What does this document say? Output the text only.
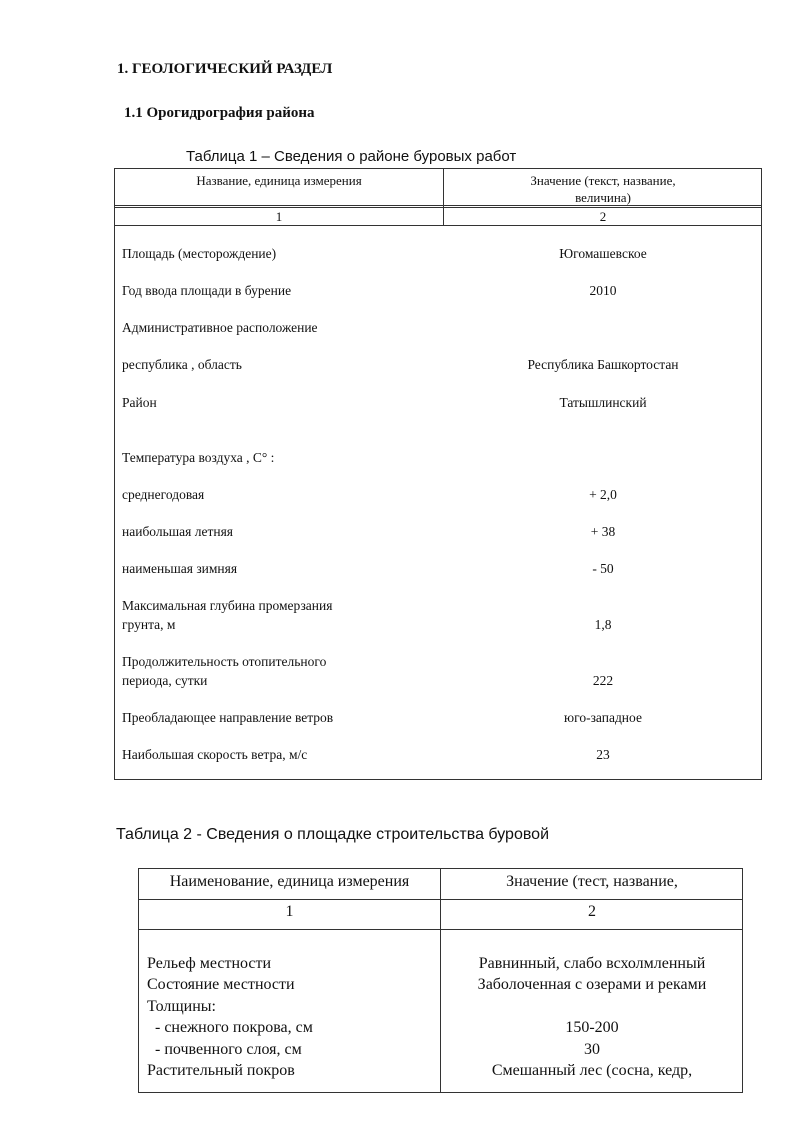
1. ГЕОЛОГИЧЕСКИЙ РАЗДЕЛ
1.1 Орогидрография района
Таблица 1 – Сведения о районе буровых работ
Название, единица измерения	Значение (текст, название,
величина)
1	2
Площадь (месторождение)	Югомашевское
Год ввода площади в бурение	2010
Административное расположение
республика , область	Республика Башкортостан
Район	Татышлинский
Температура воздуха , С° :
среднегодовая	+ 2,0
наибольшая летняя	+ 38
наименьшая зимняя	- 50
Максимальная глубина промерзания
грунта, м	1,8
Продолжительность отопительного
периода, сутки	222
Преобладающее направление ветров	юго-западное
Наибольшая скорость ветра, м/с	23
Таблица 2 - Сведения о площадке строительства буровой
Наименование, единица измерения	Значение (тест, название,
1	2
Рельеф местности	Равнинный, слабо всхолмленный
Состояние местности	Заболоченная с озерами и реками
Толщины:
- снежного покрова, см	150-200
- почвенного слоя, см	30
Растительный покров	Смешанный лес (сосна, кедр,
